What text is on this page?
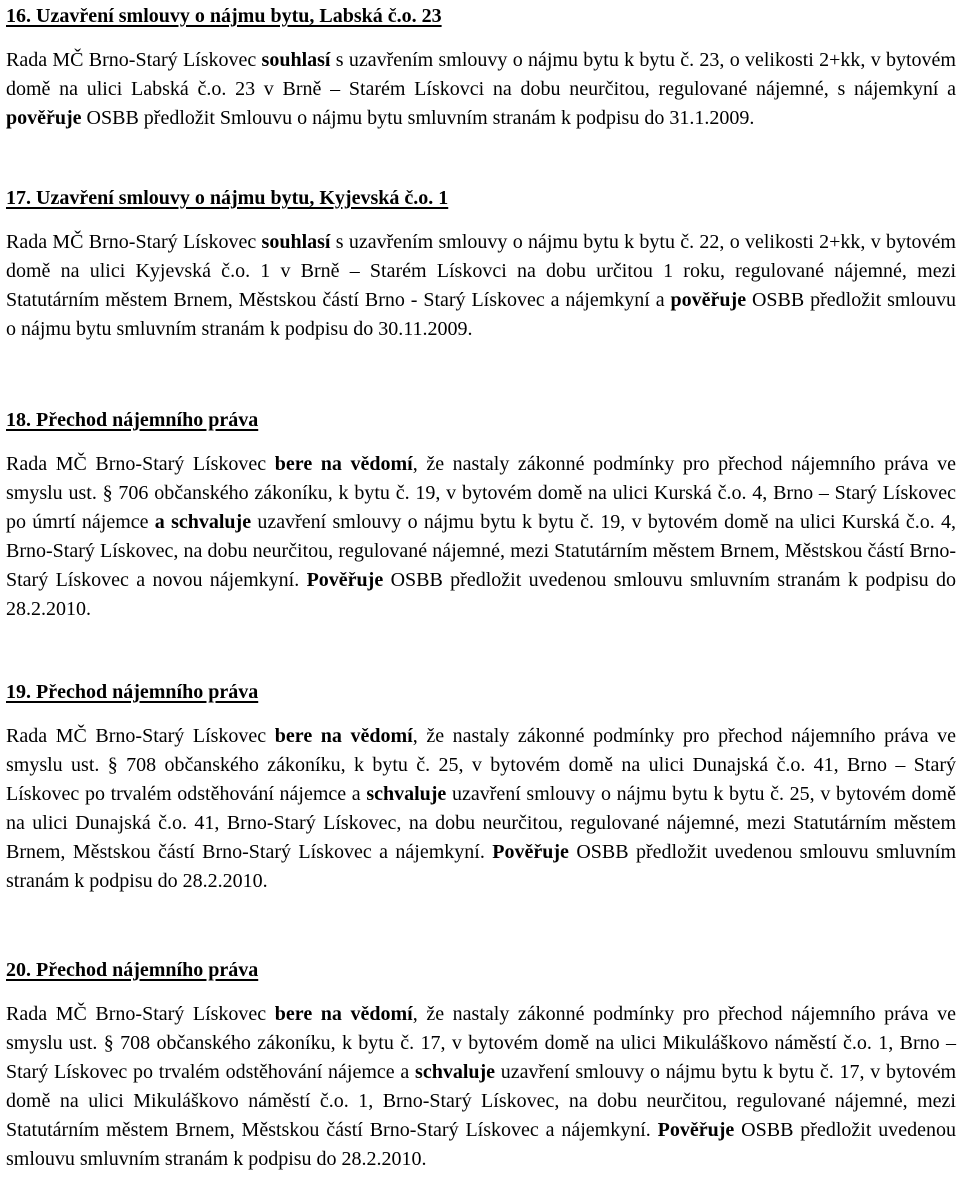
16. Uzavření smlouvy o nájmu bytu, Labská č.o. 23

Rada MČ Brno-Starý Lískovec souhlasí s uzavřením smlouvy o nájmu bytu k bytu č. 23, o velikosti 2+kk, v bytovém domě na ulici Labská č.o. 23 v Brně – Starém Lískovci na dobu neurčitou, regulované nájemné, s nájemkyní a pověřuje OSBB předložit Smlouvu o nájmu bytu smluvním stranám k podpisu do 31.1.2009.

17. Uzavření smlouvy o nájmu bytu, Kyjevská č.o. 1

Rada MČ Brno-Starý Lískovec souhlasí s uzavřením smlouvy o nájmu bytu k bytu č. 22, o velikosti 2+kk, v bytovém domě na ulici Kyjevská č.o. 1 v Brně – Starém Lískovci na dobu určitou 1 roku, regulované nájemné, mezi Statutárním městem Brnem, Městskou částí Brno - Starý Lískovec a nájemkyní a pověřuje OSBB předložit smlouvu o nájmu bytu smluvním stranám k podpisu do 30.11.2009.

18. Přechod nájemního práva

Rada MČ Brno-Starý Lískovec bere na vědomí, že nastaly zákonné podmínky pro přechod nájemního práva ve smyslu ust. § 706 občanského zákoníku, k bytu č. 19, v bytovém domě na ulici Kurská č.o. 4, Brno – Starý Lískovec po úmrtí nájemce a schvaluje uzavření smlouvy o nájmu bytu k bytu č. 19, v bytovém domě na ulici Kurská č.o. 4, Brno-Starý Lískovec, na dobu neurčitou, regulované nájemné, mezi Statutárním městem Brnem, Městskou částí Brno-Starý Lískovec a novou nájemkyní. Pověřuje OSBB předložit uvedenou smlouvu smluvním stranám k podpisu do 28.2.2010.

19. Přechod nájemního práva

Rada MČ Brno-Starý Lískovec bere na vědomí, že nastaly zákonné podmínky pro přechod nájemního práva ve smyslu ust. § 708 občanského zákoníku, k bytu č. 25, v bytovém domě na ulici Dunajská č.o. 41, Brno – Starý Lískovec po trvalém odstěhování nájemce a schvaluje uzavření smlouvy o nájmu bytu k bytu č. 25, v bytovém domě na ulici Dunajská č.o. 41, Brno-Starý Lískovec, na dobu neurčitou, regulované nájemné, mezi Statutárním městem Brnem, Městskou částí Brno-Starý Lískovec a nájemkyní. Pověřuje OSBB předložit uvedenou smlouvu smluvním stranám k podpisu do 28.2.2010.

20. Přechod nájemního práva

Rada MČ Brno-Starý Lískovec bere na vědomí, že nastaly zákonné podmínky pro přechod nájemního práva ve smyslu ust. § 708 občanského zákoníku, k bytu č. 17, v bytovém domě na ulici Mikuláškovo náměstí č.o. 1, Brno – Starý Lískovec po trvalém odstěhování nájemce a schvaluje uzavření smlouvy o nájmu bytu k bytu č. 17, v bytovém domě na ulici Mikuláškovo náměstí č.o. 1, Brno-Starý Lískovec, na dobu neurčitou, regulované nájemné, mezi Statutárním městem Brnem, Městskou částí Brno-Starý Lískovec a nájemkyní. Pověřuje OSBB předložit uvedenou smlouvu smluvním stranám k podpisu do 28.2.2010.
